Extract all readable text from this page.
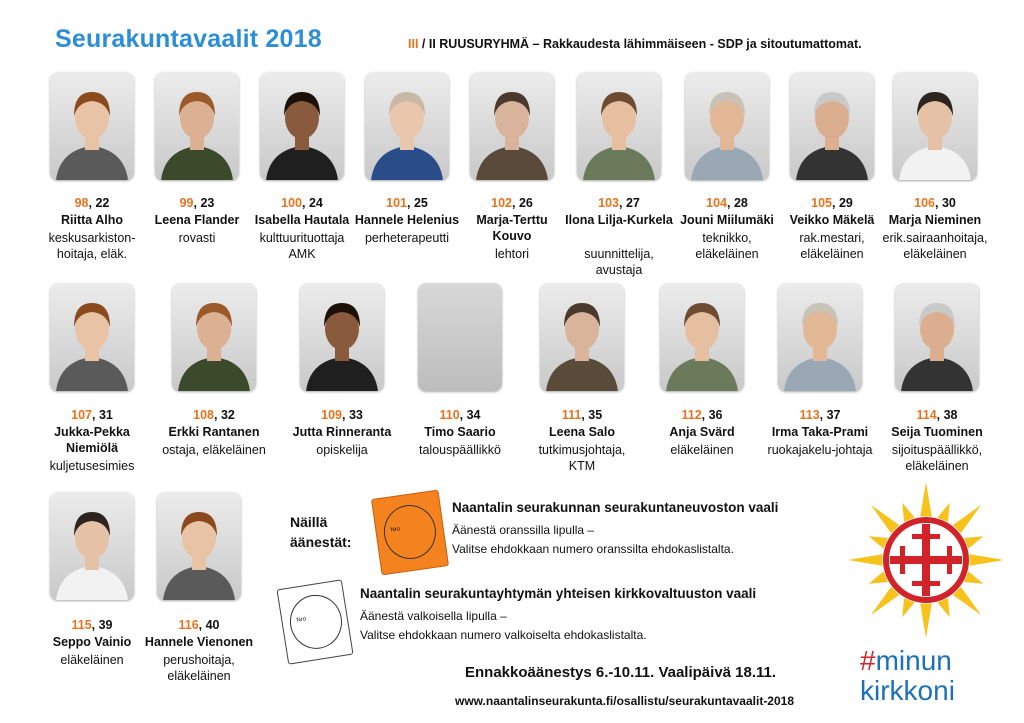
Seurakuntavaalit 2018	III / II RUUSURYHMÄ – Rakkaudesta lähimmäiseen - SDP ja sitoutumattomat.
98, 22
Riitta Alho
keskusarkiston-hoitaja, eläk.
99, 23
Leena Flander
rovasti
100, 24
Isabella Hautala
kulttuurituottaja AMK
101, 25
Hannele Helenius
perheterapeutti
102, 26
Marja-Terttu Kouvo
lehtori
103, 27
Ilona Lilja-Kurkela
suunnittelija, avustaja
104, 28
Jouni Miilumäki
teknikko, eläkeläinen
105, 29
Veikko Mäkelä
rak.mestari, eläkeläinen
106, 30
Marja Nieminen
erik.sairaanhoitaja, eläkeläinen
107, 31
Jukka-Pekka Niemiölä
kuljetusesimies
108, 32
Erkki Rantanen
ostaja, eläkeläinen
109, 33
Jutta Rinneranta
opiskelija
110, 34
Timo Saario
talouspäällikkö
111, 35
Leena Salo
tutkimusjohtaja, KTM
112, 36
Anja Svärd
eläkeläinen
113, 37
Irma Taka-Prami
ruokajakelu-johtaja
114, 38
Seija Tuominen
sijoituspäällikkö, eläkeläinen
115, 39
Seppo Vainio
eläkeläinen
116, 40
Hannele Vienonen
perushoitaja, eläkeläinen
Näillä äänestät:
Nro
Naantalin seurakunnan seurakuntaneuvoston vaali
Äänestä oranssilla lipulla –
Valitse ehdokkaan numero oranssilta ehdokaslistalta.
Nro
Naantalin seurakuntayhtymän yhteisen kirkkovaltuuston vaali
Äänestä valkoisella lipulla –
Valitse ehdokkaan numero valkoiselta ehdokaslistalta.
Ennakkoäänestys 6.-10.11. Vaalipäivä 18.11.
www.naantalinseurakunta.fi/osallistu/seurakuntavaalit-2018
#minun
kirkkoni
